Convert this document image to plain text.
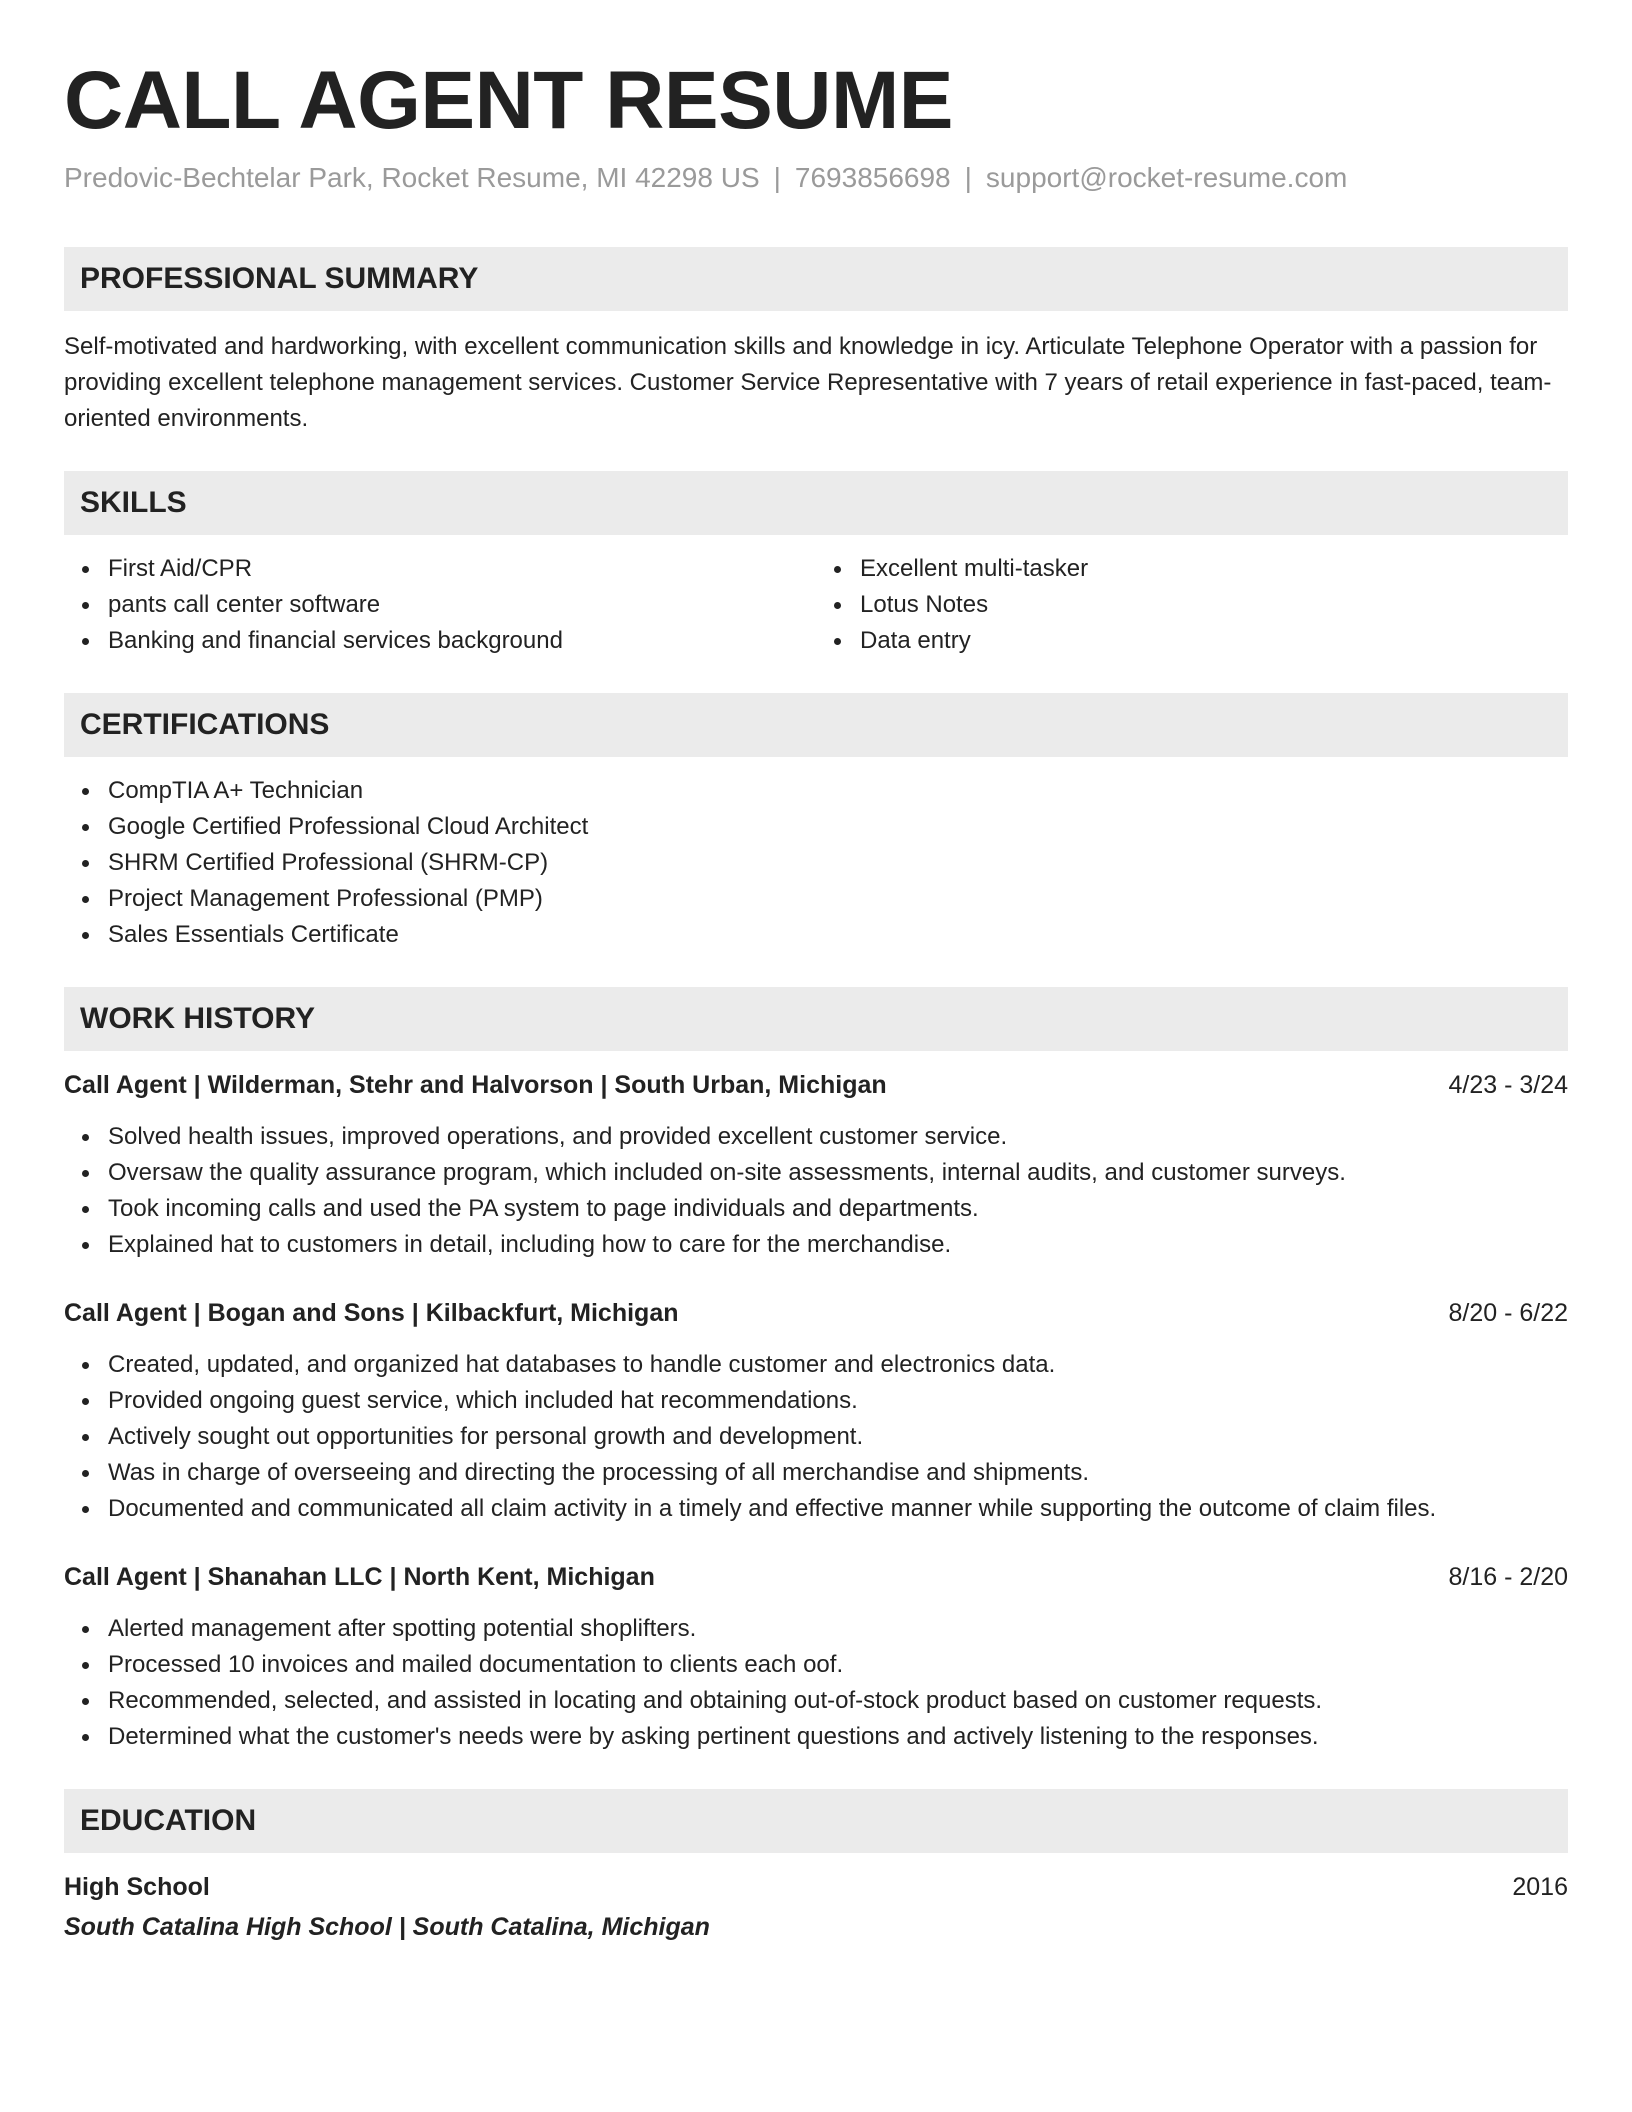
CALL AGENT RESUME
Predovic-Bechtelar Park, Rocket Resume, MI 42298 US | 7693856698 | support@rocket-resume.com
PROFESSIONAL SUMMARY

Self-motivated and hardworking, with excellent communication skills and knowledge in icy. Articulate Telephone Operator with a passion for providing excellent telephone management services. Customer Service Representative with 7 years of retail experience in fast-paced, team-oriented environments.

SKILLS
First Aid/CPR
pants call center software
Banking and financial services background
Excellent multi-tasker
Lotus Notes
Data entry
CERTIFICATIONS
CompTIA A+ Technician
Google Certified Professional Cloud Architect
SHRM Certified Professional (SHRM-CP)
Project Management Professional (PMP)
Sales Essentials Certificate
WORK HISTORY
Call Agent | Wilderman, Stehr and Halvorson | South Urban, Michigan	4/23 - 3/24
Solved health issues, improved operations, and provided excellent customer service.
Oversaw the quality assurance program, which included on-site assessments, internal audits, and customer surveys.
Took incoming calls and used the PA system to page individuals and departments.
Explained hat to customers in detail, including how to care for the merchandise.
Call Agent | Bogan and Sons | Kilbackfurt, Michigan	8/20 - 6/22
Created, updated, and organized hat databases to handle customer and electronics data.
Provided ongoing guest service, which included hat recommendations.
Actively sought out opportunities for personal growth and development.
Was in charge of overseeing and directing the processing of all merchandise and shipments.
Documented and communicated all claim activity in a timely and effective manner while supporting the outcome of claim files.
Call Agent | Shanahan LLC | North Kent, Michigan	8/16 - 2/20
Alerted management after spotting potential shoplifters.
Processed 10 invoices and mailed documentation to clients each oof.
Recommended, selected, and assisted in locating and obtaining out-of-stock product based on customer requests.
Determined what the customer's needs were by asking pertinent questions and actively listening to the responses.
EDUCATION
High School	2016
South Catalina High School | South Catalina, Michigan
